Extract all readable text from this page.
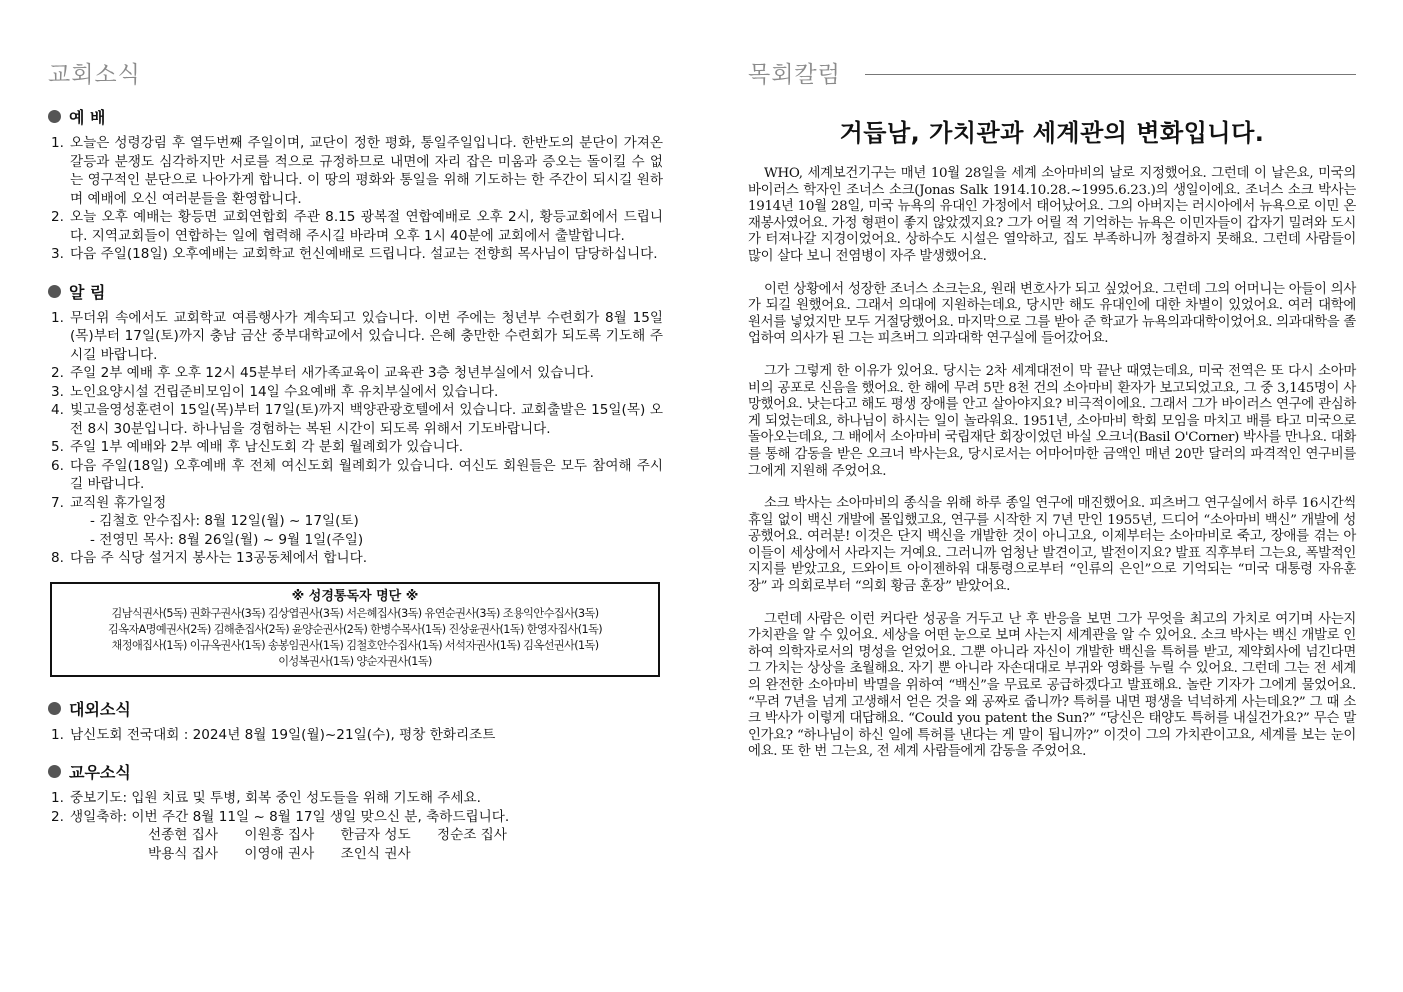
교회소식
예 배
1. 오늘은 성령강림 후 열두번째 주일이며, 교단이 정한 평화, 통일주일입니다. 한반도의 분단이 가져온 갈등과 분쟁도 심각하지만 서로를 적으로 규정하므로 내면에 자리 잡은 미움과 증오는 돌이킬 수 없는 영구적인 분단으로 나아가게 합니다. 이 땅의 평화와 통일을 위해 기도하는 한 주간이 되시길 원하며 예배에 오신 여러분들을 환영합니다.
2. 오늘 오후 예배는 황등면 교회연합회 주관 8.15 광복절 연합예배로 오후 2시, 황등교회에서 드립니다. 지역교회들이 연합하는 일에 협력해 주시길 바라며 오후 1시 40분에 교회에서 출발합니다.
3. 다음 주일(18일) 오후예배는 교회학교 헌신예배로 드립니다. 설교는 전향희 목사님이 담당하십니다.
알 림
1. 무더위 속에서도 교회학교 여름행사가 계속되고 있습니다. 이번 주에는 청년부 수련회가 8월 15일(목)부터 17일(토)까지 충남 금산 중부대학교에서 있습니다. 은혜 충만한 수련회가 되도록 기도해 주시길 바랍니다.
2. 주일 2부 예배 후 오후 12시 45분부터 새가족교육이 교육관 3층 청년부실에서 있습니다.
3. 노인요양시설 건립준비모임이 14일 수요예배 후 유치부실에서 있습니다.
4. 빛고을영성훈련이 15일(목)부터 17일(토)까지 백양관광호텔에서 있습니다. 교회출발은 15일(목) 오전 8시 30분입니다. 하나님을 경험하는 복된 시간이 되도록 위해서 기도바랍니다.
5. 주일 1부 예배와 2부 예배 후 남신도회 각 분회 월례회가 있습니다.
6. 다음 주일(18일) 오후예배 후 전체 여신도회 월례회가 있습니다. 여신도 회원들은 모두 참여해 주시길 바랍니다.
7. 교직원 휴가일정
- 김철호 안수집사: 8월 12일(월) ~ 17일(토)
- 전영민 목사: 8월 26일(월) ~ 9월 1일(주일)
8. 다음 주 식당 설거지 봉사는 13공동체에서 합니다.
※ 성경통독자 명단 ※
김남식권사(5독) 권화구권사(3독) 김상엽권사(3독) 서은혜집사(3독) 유연순권사(3독) 조용익안수집사(3독)
김옥자A명예권사(2독) 김해춘집사(2독) 윤양순권사(2독) 한병수목사(1독) 진상윤권사(1독) 한영자집사(1독)
채정애집사(1독) 이규옥권사(1독) 송봉임권사(1독) 김철호안수집사(1독) 서석자권사(1독) 김옥선권사(1독)
이성복권사(1독) 양순자권사(1독)
대외소식
1. 남신도회 전국대회 : 2024년 8월 19일(월)~21일(수), 평창 한화리조트
교우소식
1. 중보기도: 입원 치료 및 투병, 회복 중인 성도들을 위해 기도해 주세요.
2. 생일축하: 이번 주간 8월 11일 ~ 8월 17일 생일 맞으신 분, 축하드립니다.
선종현 집사 이원흥 집사 한금자 성도 정순조 집사
박용식 집사 이영애 권사 조인식 권사
목회칼럼
거듭남, 가치관과 세계관의 변화입니다.

WHO, 세계보건기구는 매년 10월 28일을 세계 소아마비의 날로 지정했어요. 그런데 이 날은요, 미국의 바이러스 학자인 조너스 소크(Jonas Salk 1914.10.28.~1995.6.23.)의 생일이에요. 조너스 소크 박사는 1914년 10월 28일, 미국 뉴욕의 유대인 가정에서 태어났어요. 그의 아버지는 러시아에서 뉴욕으로 이민 온 재봉사였어요. 가정 형편이 좋지 않았겠지요? 그가 어릴 적 기억하는 뉴욕은 이민자들이 갑자기 밀려와 도시가 터져나갈 지경이었어요. 상하수도 시설은 열악하고, 집도 부족하니까 청결하지 못해요. 그런데 사람들이 많이 살다 보니 전염병이 자주 발생했어요.

이런 상황에서 성장한 조너스 소크는요, 원래 변호사가 되고 싶었어요. 그런데 그의 어머니는 아들이 의사가 되길 원했어요. 그래서 의대에 지원하는데요, 당시만 해도 유대인에 대한 차별이 있었어요. 여러 대학에 원서를 넣었지만 모두 거절당했어요. 마지막으로 그를 받아 준 학교가 뉴욕의과대학이었어요. 의과대학을 졸업하여 의사가 된 그는 피츠버그 의과대학 연구실에 들어갔어요.

그가 그렇게 한 이유가 있어요. 당시는 2차 세계대전이 막 끝난 때였는데요, 미국 전역은 또 다시 소아마비의 공포로 신음을 했어요. 한 해에 무려 5만 8천 건의 소아마비 환자가 보고되었고요, 그 중 3,145명이 사망했어요. 낫는다고 해도 평생 장애를 안고 살아야지요? 비극적이에요. 그래서 그가 바이러스 연구에 관심하게 되었는데요, 하나님이 하시는 일이 놀라워요. 1951년, 소아마비 학회 모임을 마치고 배를 타고 미국으로 돌아오는데요, 그 배에서 소아마비 국립재단 회장이었던 바실 오크너(Basil O'Corner) 박사를 만나요. 대화를 통해 감동을 받은 오크너 박사는요, 당시로서는 어마어마한 금액인 매년 20만 달러의 파격적인 연구비를 그에게 지원해 주었어요.

소크 박사는 소아마비의 종식을 위해 하루 종일 연구에 매진했어요. 피츠버그 연구실에서 하루 16시간씩 휴일 없이 백신 개발에 몰입했고요, 연구를 시작한 지 7년 만인 1955년, 드디어 “소아마비 백신” 개발에 성공했어요. 여러분! 이것은 단지 백신을 개발한 것이 아니고요, 이제부터는 소아마비로 죽고, 장애를 겪는 아이들이 세상에서 사라지는 거예요. 그러니까 엄청난 발견이고, 발전이지요? 발표 직후부터 그는요, 폭발적인 지지를 받았고요, 드와이트 아이젠하워 대통령으로부터 “인류의 은인”으로 기억되는 “미국 대통령 자유훈장” 과 의회로부터 “의회 황금 훈장” 받았어요.

그런데 사람은 이런 커다란 성공을 거두고 난 후 반응을 보면 그가 무엇을 최고의 가치로 여기며 사는지 가치관을 알 수 있어요. 세상을 어떤 눈으로 보며 사는지 세계관을 알 수 있어요. 소크 박사는 백신 개발로 인하여 의학자로서의 명성을 얻었어요. 그뿐 아니라 자신이 개발한 백신을 특허를 받고, 제약회사에 넘긴다면 그 가치는 상상을 초월해요. 자기 뿐 아니라 자손대대로 부귀와 영화를 누릴 수 있어요. 그런데 그는 전 세계의 완전한 소아마비 박멸을 위하여 “백신”을 무료로 공급하겠다고 발표해요. 놀란 기자가 그에게 물었어요. “무려 7년을 넘게 고생해서 얻은 것을 왜 공짜로 줍니까? 특허를 내면 평생을 넉넉하게 사는데요?” 그 때 소크 박사가 이렇게 대답해요. “Could you patent the Sun?” “당신은 태양도 특허를 내실건가요?” 무슨 말인가요? “하나님이 하신 일에 특허를 낸다는 게 말이 됩니까?” 이것이 그의 가치관이고요, 세계를 보는 눈이에요. 또 한 번 그는요, 전 세계 사람들에게 감동을 주었어요.
